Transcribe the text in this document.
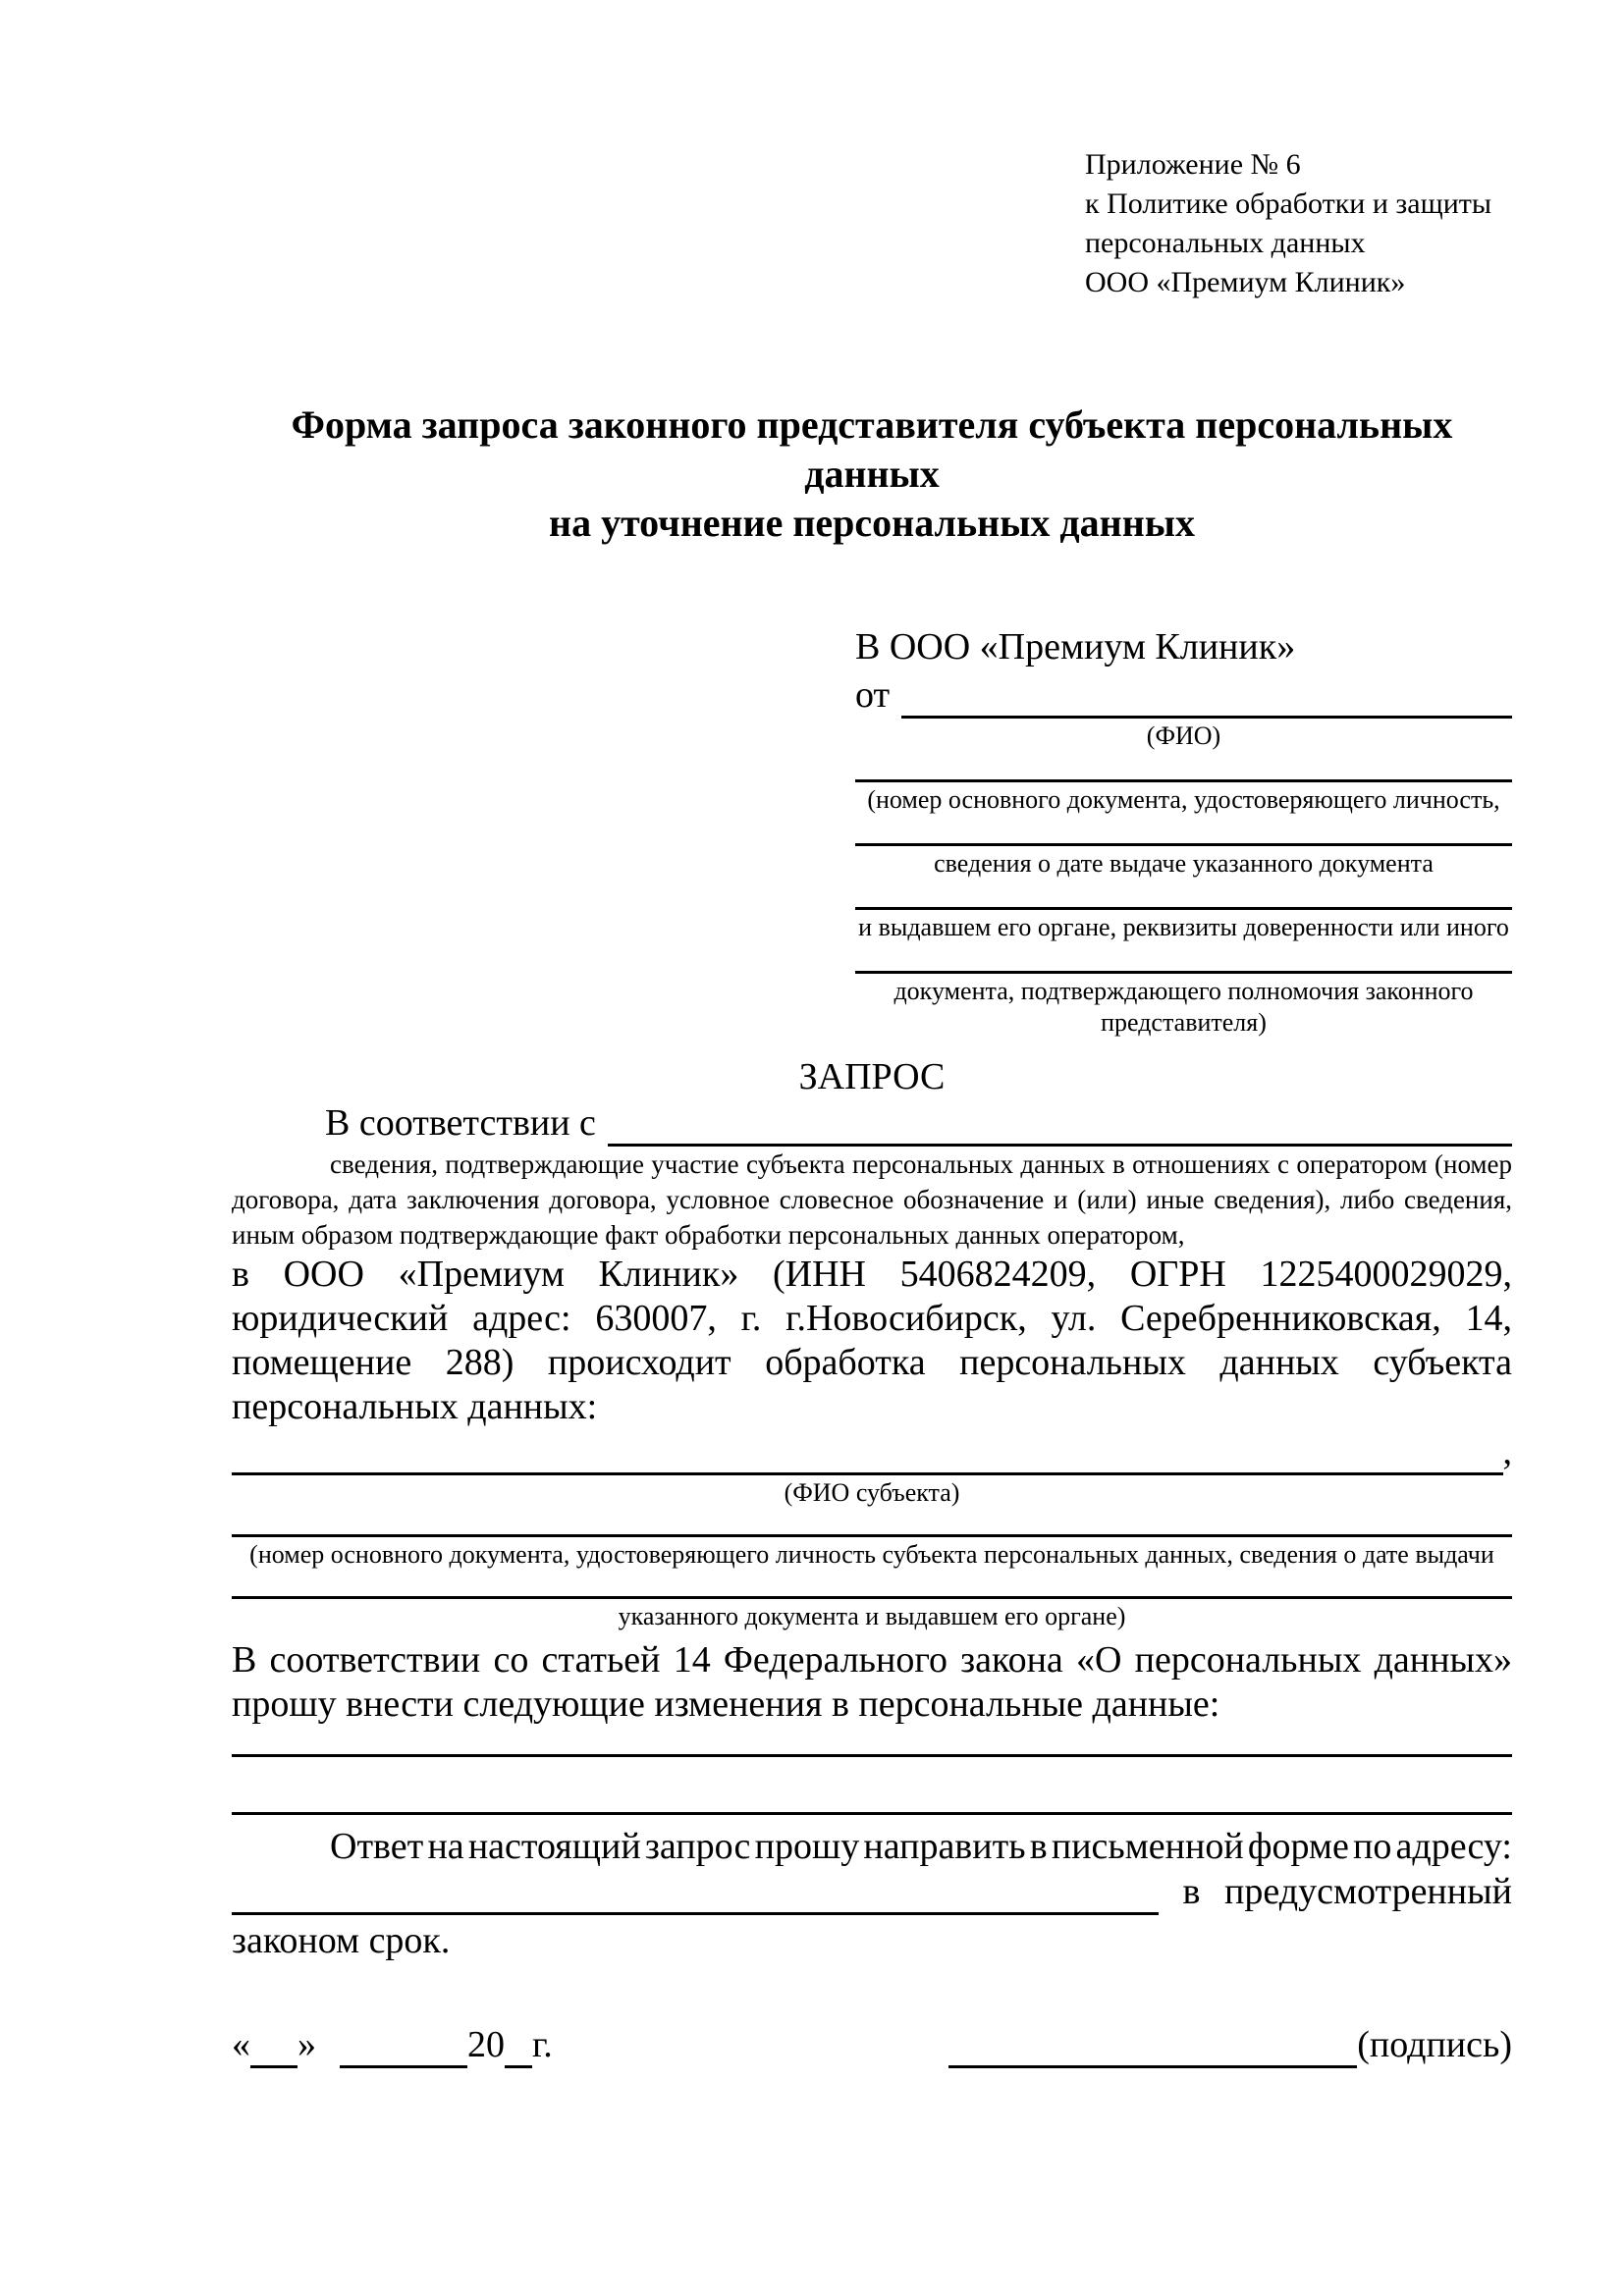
Приложение № 6
к Политике обработки и защиты
персональных данных
ООО «Премиум Клиник»
Форма запроса законного представителя субъекта персональных данных
на уточнение персональных данных
В ООО «Премиум Клиник»
от
(ФИО)
(номер основного документа, удостоверяющего личность,
сведения о дате выдаче указанного документа
и выдавшем его органе, реквизиты доверенности или иного
документа, подтверждающего полномочия законного представителя)
ЗАПРОС
В соответствии с

сведения, подтверждающие участие субъекта персональных данных в отношениях с оператором (номер договора, дата заключения договора, условное словесное обозначение и (или) иные сведения), либо сведения, иным образом подтверждающие факт обработки персональных данных оператором,

в ООО «Премиум Клиник» (ИНН 5406824209, ОГРН 1225400029029, юридический адрес: 630007, г. г.Новосибирск, ул. Серебренниковская, 14, помещение 288) происходит обработка персональных данных субъекта персональных данных:

,
(ФИО субъекта)
(номер основного документа, удостоверяющего личность субъекта персональных данных, сведения о дате выдачи
указанного документа и выдавшем его органе)

В соответствии со статьей 14 Федерального закона «О персональных данных» прошу внести следующие изменения в персональные данные:

Ответ на настоящий запрос прошу направить в письменной форме по адресу:
в предусмотренный

законом срок.

« »	20 г.	(подпись)
